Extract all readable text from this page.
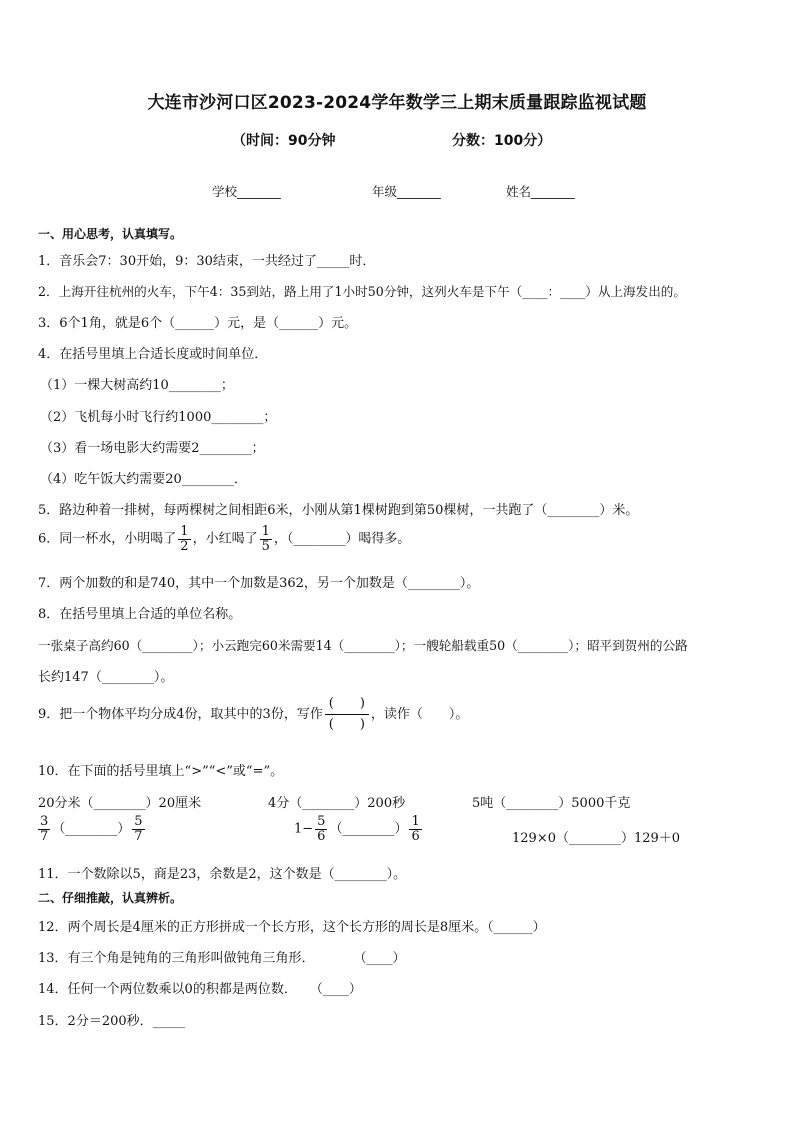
大连市沙河口区2023-2024学年数学三上期末质量跟踪监视试题
（时间：90分钟	分数：100分）
学校_______	年级_______	姓名_______
一、用心思考，认真填写。
1．音乐会7：30开始，9：30结束，一共经过了_____时．
2．上海开往杭州的火车，下午4：35到站，路上用了1小时50分钟，这列火车是下午（____：____）从上海发出的。
3．6个1角，就是6个（______）元，是（______）元。
4．在括号里填上合适长度或时间单位．
（1）一棵大树高约10________；
（2）飞机每小时飞行约1000________；
（3）看一场电影大约需要2________；
（4）吃午饭大约需要20________．
5．路边种着一排树，每两棵树之间相距6米，小刚从第1棵树跑到第50棵树，一共跑了（________）米。
6．同一杯水，小明喝了 $\frac{1}{2}$ ，小红喝了 $\frac{1}{5}$ ，（________）喝得多。
7．两个加数的和是740，其中一个加数是362，另一个加数是（________）。
8．在括号里填上合适的单位名称。
一张桌子高约60（________）；小云跑完60米需要14（________）；一艘轮船载重50（________）；昭平到贺州的公路
长约147（________）。
9．把一个物体平均分成4份，取其中的3份，写作
(　　)
(　　)
，读作（　　）。
10．在下面的括号里填上“>”“<”或“=”。
20分米（________）20厘米	4分（________）200秒	5吨（________）5000千克
$\frac{3}{7}$ （________） $\frac{5}{7}$	$1- \frac{5}{6}$ （________） $\frac{1}{6}$	129×0（________）129＋0
11．一个数除以5，商是23，余数是2，这个数是（________）。
二、仔细推敲，认真辨析。
12．两个周长是4厘米的正方形拼成一个长方形，这个长方形的周长是8厘米。（______）
13．有三个角是钝角的三角形叫做钝角三角形．　　　　（____）
14．任何一个两位数乘以0的积都是两位数．　　（____）
15．2分＝200秒．_____
